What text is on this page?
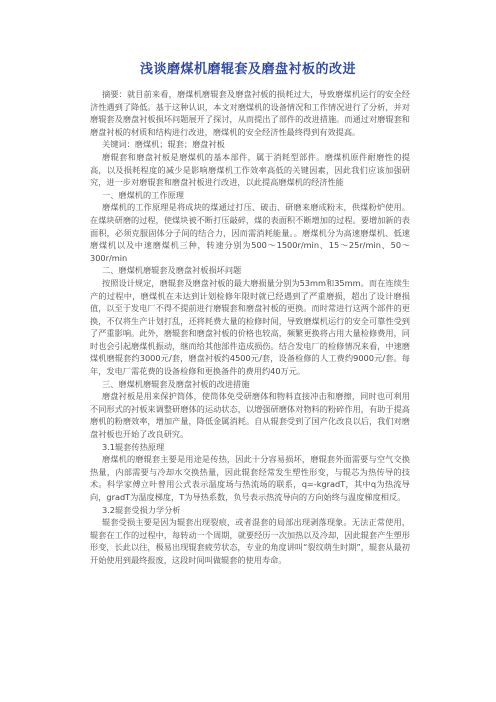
浅谈磨煤机磨辊套及磨盘衬板的改进

摘要：就目前来看，磨煤机磨辊套及磨盘衬板的损耗过大，导致磨煤机运行的安全经济性遇到了降低。基于这种认识，本文对磨煤机的设备情况和工作情况进行了分析，并对磨辊套及磨盘衬板损坏问题展开了探讨，从而提出了部件的改进措施。而通过对磨辊套和磨盘衬板的材质和结构进行改进，磨煤机的安全经济性最终得到有效提高。

关键词：磨煤机；辊套；磨盘衬板

磨辊套和磨盘衬板是磨煤机的基本部件，属于消耗型部件。磨煤机原件耐磨性的提高，以及损耗程度的减少是影响磨煤机工作效率高低的关键因素，因此我们应该加强研究，进一步对磨辊套和磨盘衬板进行改进，以此提高磨煤机的经济性能

一、磨煤机的工作原理

磨煤机的工作原理是将成块的煤通过打压、破击、研磨来磨成粉末，供煤粉炉使用。在煤块研磨的过程，使煤块被不断打压敲碎，煤的表面积不断增加的过程。要增加新的表面积，必须克服固体分子间的结合力，因而需消耗能量。。磨煤机分为高速磨煤机、低速磨煤机以及中速磨煤机三种，转速分别为500～1500r/min、15～25r/min、50～300r/min

二、磨煤机磨辊套及磨盘衬板损坏问题

按照设计规定，磨辊套及磨盘衬板的最大磨损量分别为53mm和35mm。而在连续生产的过程中，磨煤机在未达到计划检修年限时就已经遇到了严重磨损，超出了设计磨损值，以至于发电厂不得不提前进行磨辊套和磨盘衬板的更换。而时常进行这两个部件的更换，不仅将生产计划打乱，还将耗费大量的检修时间，导致磨煤机运行的安全可靠性受到了严重影响。此外，磨辊套和磨盘衬板的价格也较高，频繁更换将占用大量检修费用，同时也会引起磨煤机振动，继而给其他部件造成损伤。结合发电厂的检修情况来看，中速磨煤机磨辊套约3000元/套，磨盘衬板约4500元/套，设备检修的人工费约9000元/套。每年，发电厂需花费的设备检修和更换备件的费用约40万元。

三、磨煤机磨辊套及磨盘衬板的改进措施

磨盘衬板是用来保护筒体，使筒体免受研磨体和物料直接冲击和磨擦，同时也可利用不同形式的衬板来调整研磨体的运动状态，以增强研磨体对物料的粉碎作用，有助于提高磨机的粉磨效率，增加产量，降低金属消耗。自从辊套受到了国产化改良以后，我们对磨盘衬板也开始了改良研究。

3.1辊套传热原理

磨煤机的磨辊套主要是用途是传热，因此十分容易损坏，磨辊套外面需要与空气交换热量，内部需要与冷却水交换热量，因此辊套经常发生塑性形变，与辊芯为热传导的技术。科学家傅立叶曾用公式表示温度场与热流场的联系，q=-kgradT，其中q为热流导向，gradT为温度梯度，T为导热系数，负号表示热流导向的方向始终与温度梯度相反。

3.2辊套受损力学分析

辊套受损主要是因为辊套出现裂痕，或者混套的局部出现剥落现象。无法正常使用，辊套在工作的过程中，每转动一个周期，就要经历一次加热以及冷却，因此辊套产生塑形形变，长此以往，极易出现辊套疲劳状态，专业的角度讲叫“裂纹萌生时期”，辊套从最初开始使用到最终报废，这段时间叫做辊套的使用寿命。
